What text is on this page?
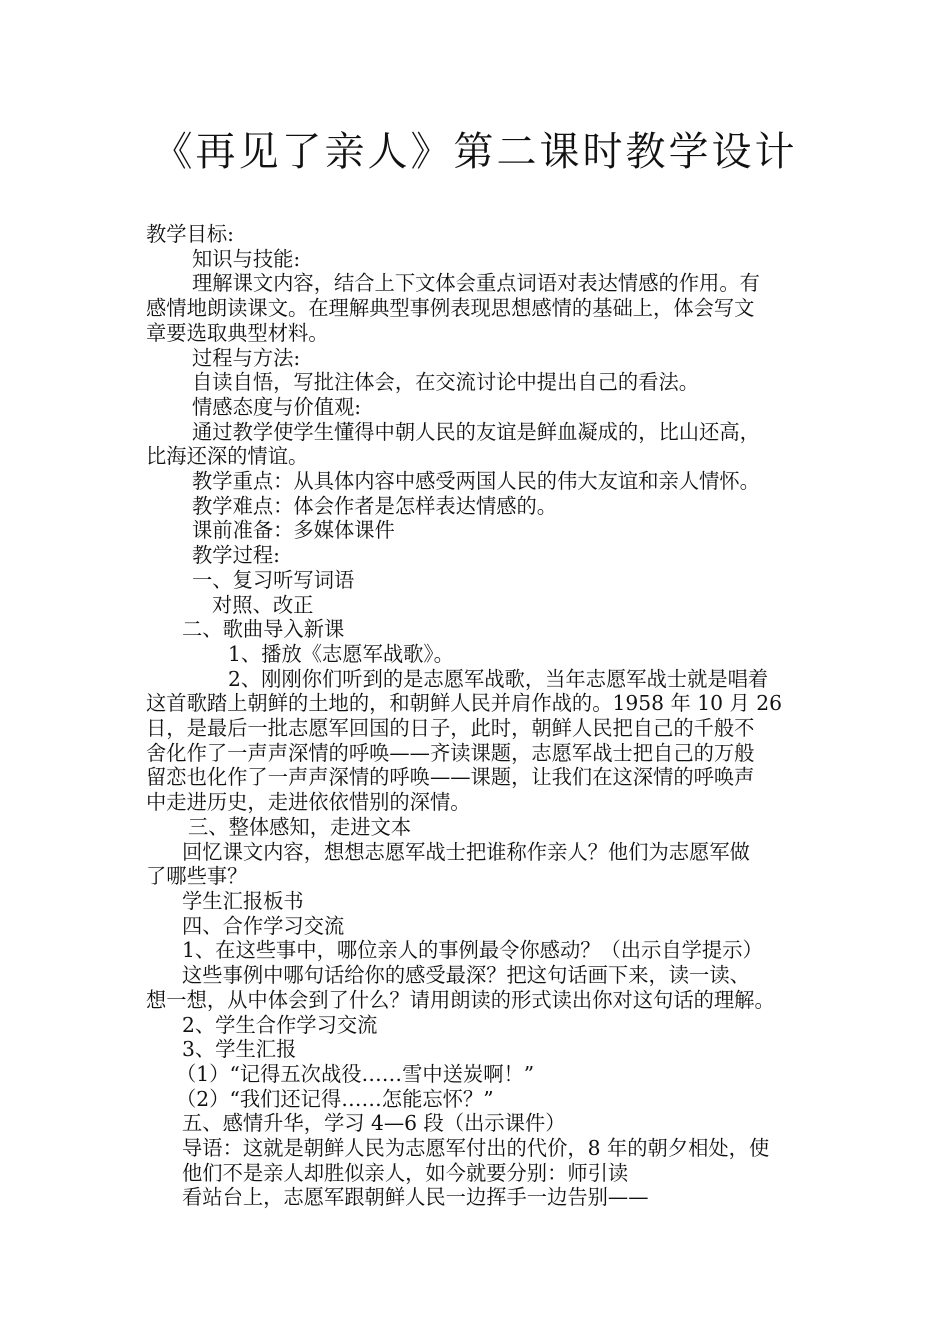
《再见了亲人》第二课时教学设计

教学目标:

知识与技能:

理解课文内容，结合上下文体会重点词语对表达情感的作用。有

感情地朗读课文。在理解典型事例表现思想感情的基础上，体会写文

章要选取典型材料。

过程与方法:

自读自悟，写批注体会，在交流讨论中提出自己的看法。

情感态度与价值观:

通过教学使学生懂得中朝人民的友谊是鲜血凝成的，比山还高，

比海还深的情谊。

教学重点：从具体内容中感受两国人民的伟大友谊和亲人情怀。

教学难点：体会作者是怎样表达情感的。

课前准备：多媒体课件

教学过程:

一、复习听写词语

对照、改正

二、歌曲导入新课

1、播放《志愿军战歌》。

2、刚刚你们听到的是志愿军战歌，当年志愿军战士就是唱着

这首歌踏上朝鲜的土地的，和朝鲜人民并肩作战的。1958 年 10 月 26

日，是最后一批志愿军回国的日子，此时，朝鲜人民把自己的千般不

舍化作了一声声深情的呼唤——齐读课题，志愿军战士把自己的万般

留恋也化作了一声声深情的呼唤——课题，让我们在这深情的呼唤声

中走进历史，走进依依惜别的深情。

三、整体感知，走进文本

回忆课文内容，想想志愿军战士把谁称作亲人？他们为志愿军做

了哪些事？

学生汇报板书

四、合作学习交流

1、在这些事中，哪位亲人的事例最令你感动？（出示自学提示）

这些事例中哪句话给你的感受最深？把这句话画下来，读一读、

想一想，从中体会到了什么？请用朗读的形式读出你对这句话的理解。

2、学生合作学习交流

3、学生汇报

（1）“记得五次战役……雪中送炭啊！”

（2）“我们还记得……怎能忘怀？”

五、感情升华，学习 4—6 段（出示课件）

导语：这就是朝鲜人民为志愿军付出的代价，8 年的朝夕相处，使

他们不是亲人却胜似亲人，如今就要分别：师引读

看站台上，志愿军跟朝鲜人民一边挥手一边告别——
